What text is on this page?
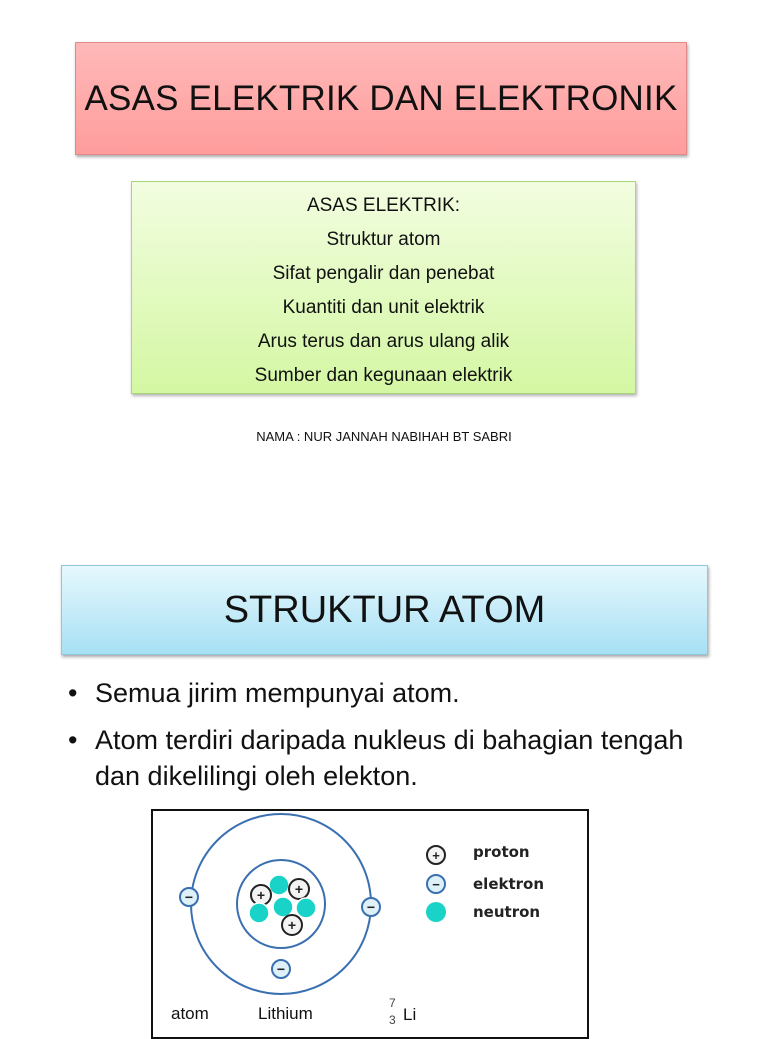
ASAS ELEKTRIK DAN ELEKTRONIK
ASAS ELEKTRIK:
Struktur atom
Sifat pengalir dan penebat
Kuantiti dan unit elektrik
Arus terus dan arus ulang alik
Sumber dan kegunaan elektrik
NAMA : NUR JANNAH NABIHAH BT SABRI
STRUKTUR ATOM
• Semua jirim mempunyai atom.
• Atom terdiri daripada nukleus di bahagian tengah dan dikelilingi oleh elekton.
−
−
−
+ +
+
+ proton
− elektron
neutron
atom	Lithium
7
3 Li
